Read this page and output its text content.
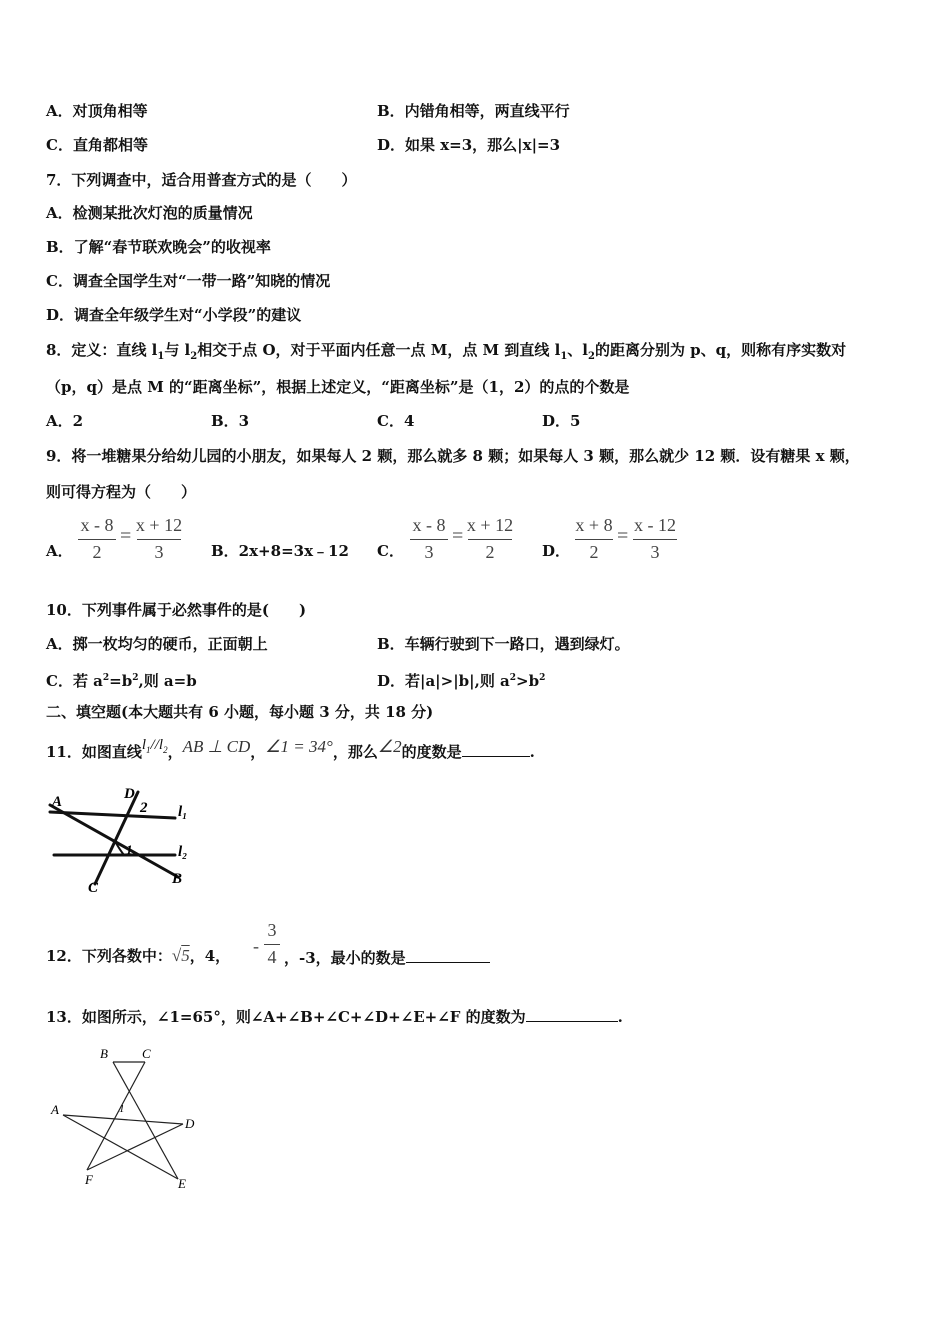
A．对顶角相等	B．内错角相等，两直线平行
C．直角都相等	D．如果 x=3，那么|x|=3
7．下列调查中，适合用普查方式的是（　　）
A．检测某批次灯泡的质量情况
B．了解“春节联欢晚会”的收视率
C．调查全国学生对“一带一路”知晓的情况
D．调查全年级学生对“小学段”的建议
8．定义：直线 $l_1$与 $l_2$相交于点 O，对于平面内任意一点 M，点 M 到直线 $l_1$、$l_2$的距离分别为 p、q，则称有序实数对
（p，q）是点 M 的“距离坐标”，根据上述定义，“距离坐标”是（1，2）的点的个数是
A．2	B．3	C．4	D．5
9．将一堆糖果分给幼儿园的小朋友，如果每人 2 颗，那么就多 8 颗；如果每人 3 颗，那么就少 12 颗．设有糖果 x 颗，
则可得方程为（　　）
A．
x - 8
2
= x + 12
3	B．2x+8=3x﹣12 C．
x - 8
3
= x + 12
2	D．
x + 8
2
= x - 12
3
10．下列事件属于必然事件的是(　　)
A．掷一枚均匀的硬币，正面朝上	B．车辆行驶到下一路口，遇到绿灯。
C．若 $a^2=b^2$,则 a=b	D．若|a|>|b|,则 $a^2>b^2$
二、填空题(本大题共有 6 小题，每小题 3 分，共 18 分)
11．如图直线$l_1//l_2$，AB ⊥ CD，∠1 = 34°，那么∠2的度数是	.
A	D
2 l₁
1	l₂
C
B
12．下列各数中：√5，4， -
3
4 ，-3，最小的数是
13．如图所示，∠1=65°，则∠A+∠B+∠C+∠D+∠E+∠F 的度数为	.
B	C
A	1
D
F	E
